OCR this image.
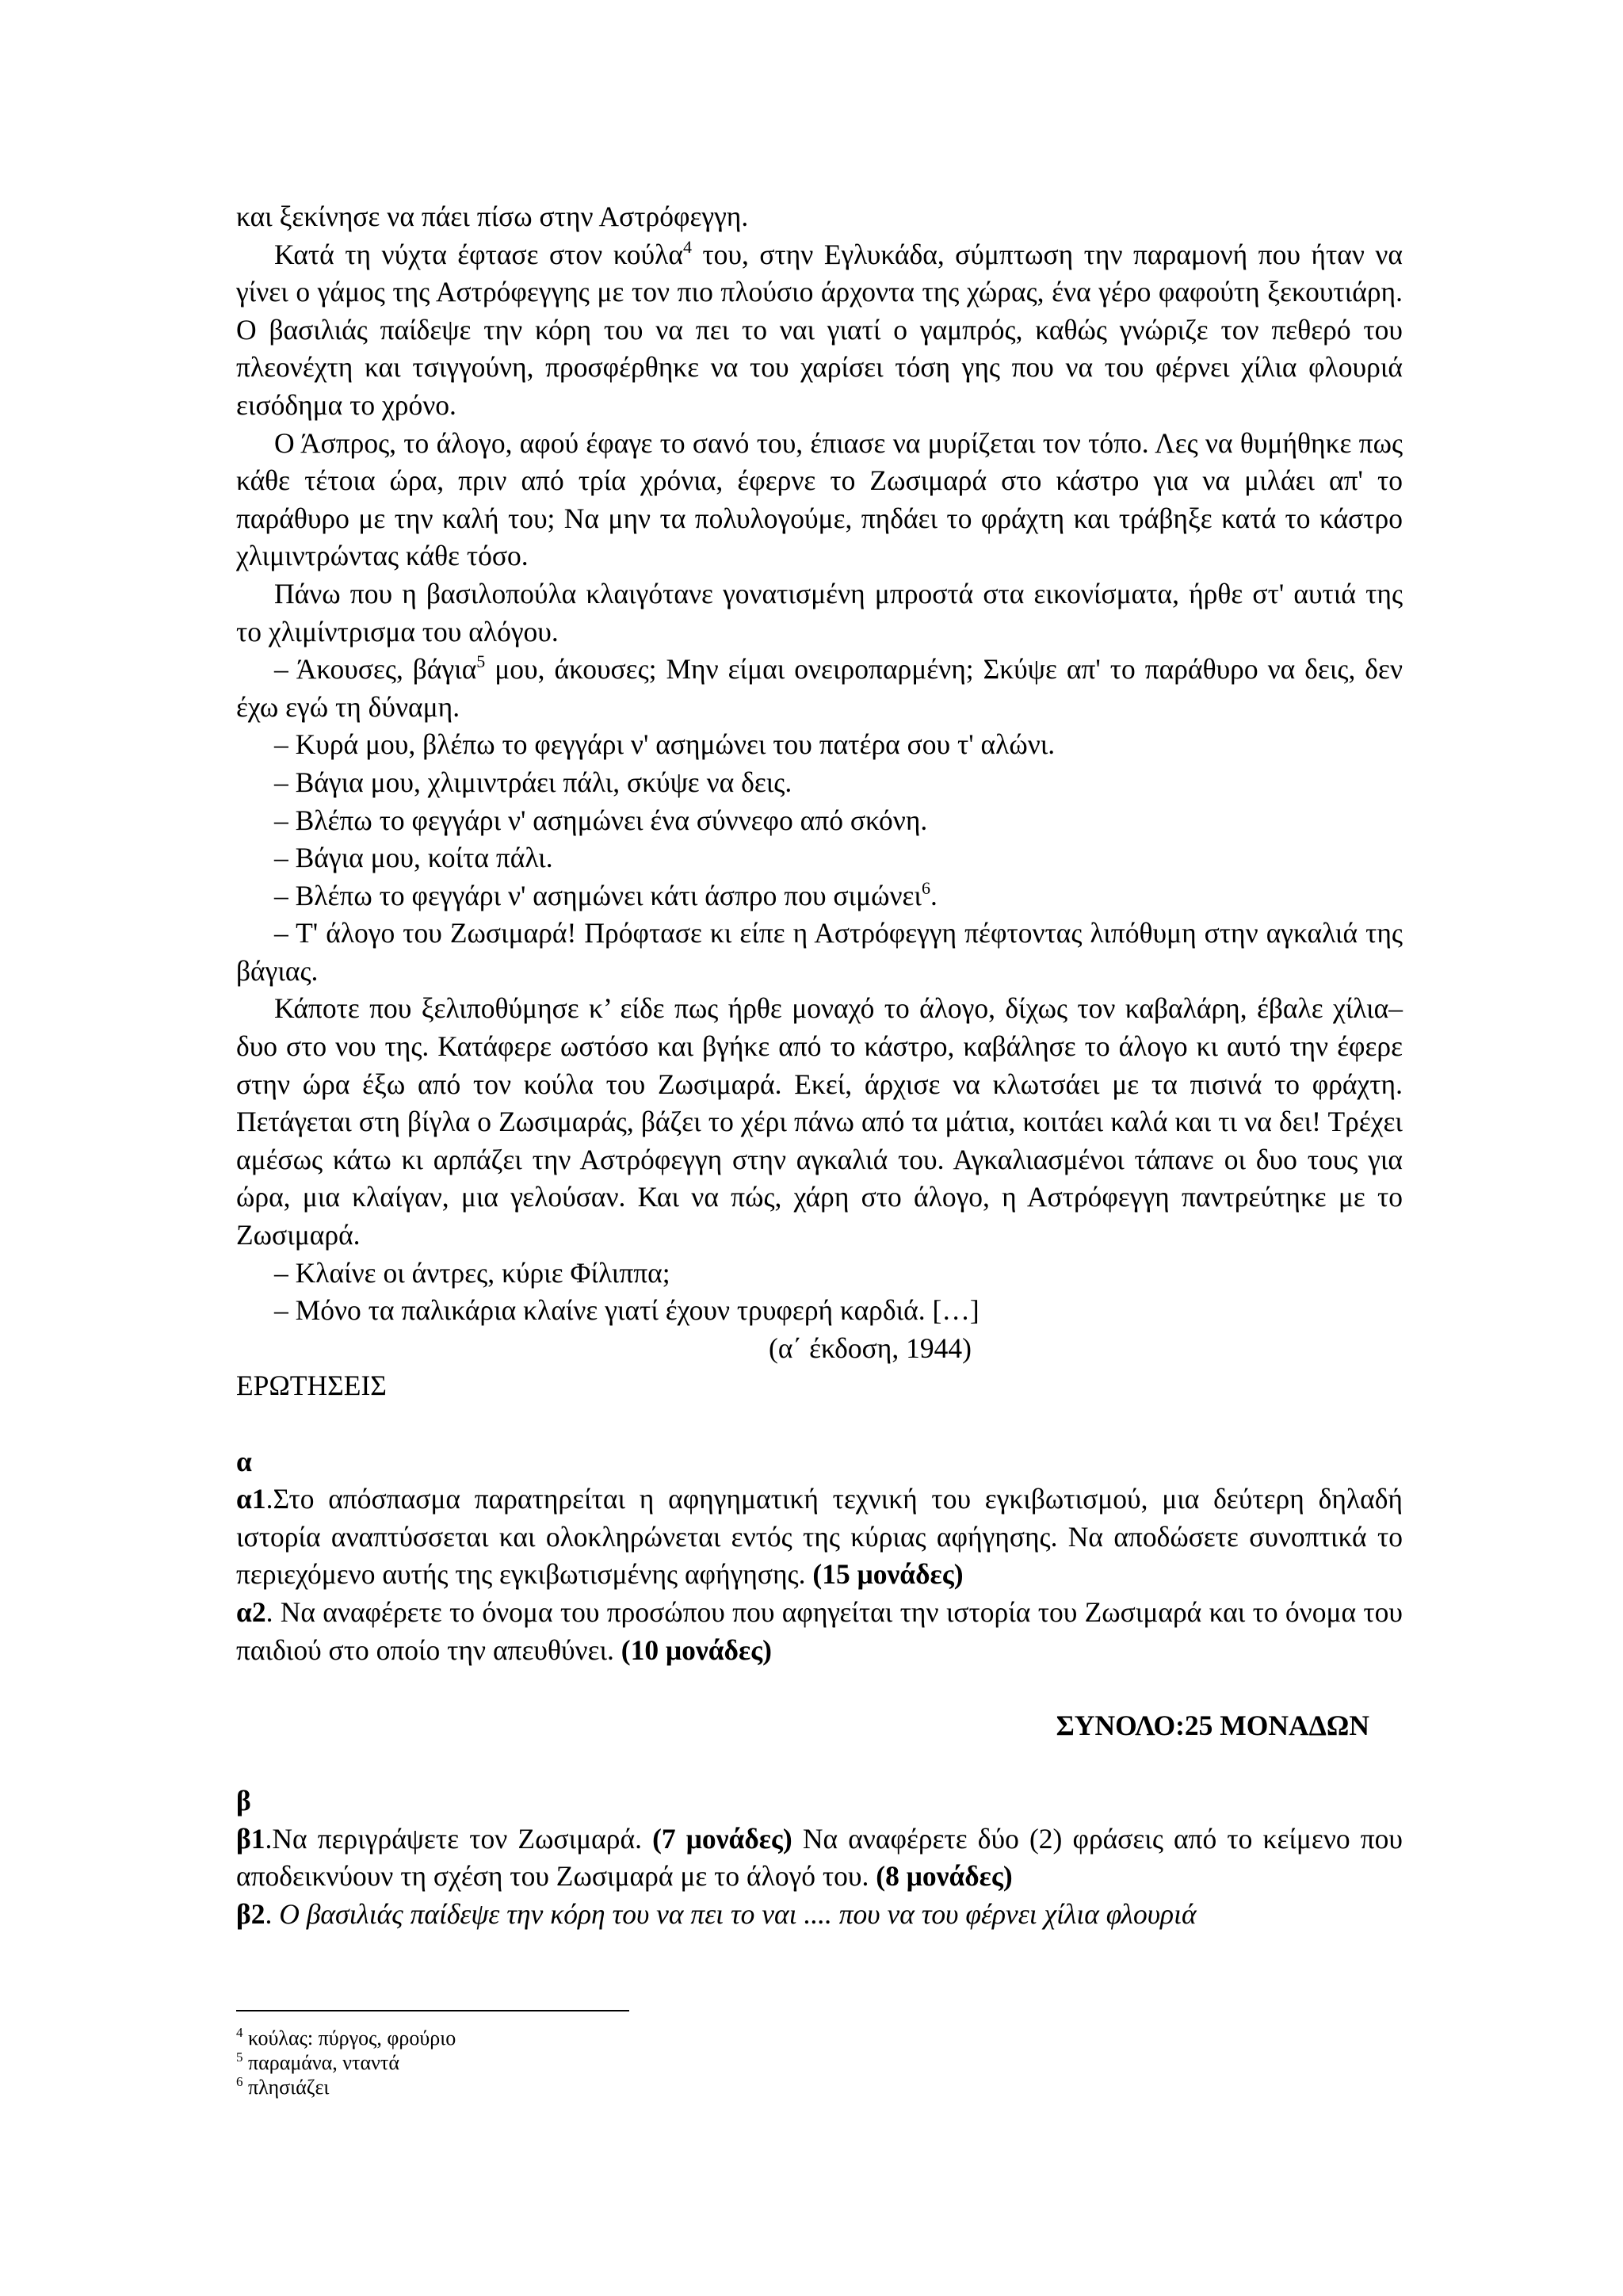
και ξεκίνησε να πάει πίσω στην Αστρόφεγγη.

Κατά τη νύχτα έφτασε στον κούλα$^4$ του, στην Εγλυκάδα, σύμπτωση την παραμονή που ήταν να γίνει ο γάμος της Αστρόφεγγης με τον πιο πλούσιο άρχοντα της χώρας, ένα γέρο φαφούτη ξεκουτιάρη. Ο βασιλιάς παίδεψε την κόρη του να πει το ναι γιατί ο γαμπρός, καθώς γνώριζε τον πεθερό του πλεονέχτη και τσιγγούνη, προσφέρθηκε να του χαρίσει τόση γης που να του φέρνει χίλια φλουριά εισόδημα το χρόνο.

Ο Άσπρος, το άλογο, αφού έφαγε το σανό του, έπιασε να μυρίζεται τον τόπο. Λες να θυμήθηκε πως κάθε τέτοια ώρα, πριν από τρία χρόνια, έφερνε το Ζωσιμαρά στο κάστρο για να μιλάει απ' το παράθυρο με την καλή του; Να μην τα πολυλογούμε, πηδάει το φράχτη και τράβηξε κατά το κάστρο χλιμιντρώντας κάθε τόσο.

Πάνω που η βασιλοπούλα κλαιγότανε γονατισμένη μπροστά στα εικονίσματα, ήρθε στ' αυτιά της το χλιμίντρισμα του αλόγου.

– Άκουσες, βάγια$^5$ μου, άκουσες; Μην είμαι ονειροπαρμένη; Σκύψε απ' το παράθυρο να δεις, δεν έχω εγώ τη δύναμη.

– Κυρά μου, βλέπω το φεγγάρι ν' ασημώνει του πατέρα σου τ' αλώνι.

– Βάγια μου, χλιμιντράει πάλι, σκύψε να δεις.

– Βλέπω το φεγγάρι ν' ασημώνει ένα σύννεφο από σκόνη.

– Βάγια μου, κοίτα πάλι.

– Βλέπω το φεγγάρι ν' ασημώνει κάτι άσπρο που σιμώνει$^6$.

– Τ' άλογο του Ζωσιμαρά! Πρόφτασε κι είπε η Αστρόφεγγη πέφτοντας λιπόθυμη στην αγκαλιά της βάγιας.

Κάποτε που ξελιποθύμησε κ’ είδε πως ήρθε μοναχό το άλογο, δίχως τον καβαλάρη, έβαλε χίλια–δυο στο νου της. Κατάφερε ωστόσο και βγήκε από το κάστρο, καβάλησε το άλογο κι αυτό την έφερε στην ώρα έξω από τον κούλα του Ζωσιμαρά. Εκεί, άρχισε να κλωτσάει με τα πισινά το φράχτη. Πετάγεται στη βίγλα ο Ζωσιμαράς, βάζει το χέρι πάνω από τα μάτια, κοιτάει καλά και τι να δει! Τρέχει αμέσως κάτω κι αρπάζει την Αστρόφεγγη στην αγκαλιά του. Αγκαλιασμένοι τάπανε οι δυο τους για ώρα, μια κλαίγαν, μια γελούσαν. Και να πώς, χάρη στο άλογο, η Αστρόφεγγη παντρεύτηκε με το Ζωσιμαρά.

– Κλαίνε οι άντρες, κύριε Φίλιππα;

– Μόνο τα παλικάρια κλαίνε γιατί έχουν τρυφερή καρδιά. […]

(α΄ έκδοση, 1944)

ΕΡΩΤΗΣΕΙΣ

α

α1.Στο απόσπασμα παρατηρείται η αφηγηματική τεχνική του εγκιβωτισμού, μια δεύτερη δηλαδή ιστορία αναπτύσσεται και ολοκληρώνεται εντός της κύριας αφήγησης. Να αποδώσετε συνοπτικά το περιεχόμενο αυτής της εγκιβωτισμένης αφήγησης. (15 μονάδες)

α2. Να αναφέρετε το όνομα του προσώπου που αφηγείται την ιστορία του Ζωσιμαρά και το όνομα του παιδιού στο οποίο την απευθύνει. (10 μονάδες)

ΣΥΝΟΛΟ:25 ΜΟΝΑΔΩΝ

β

β1.Να περιγράψετε τον Ζωσιμαρά. (7 μονάδες) Να αναφέρετε δύο (2) φράσεις από το κείμενο που αποδεικνύουν τη σχέση του Ζωσιμαρά με το άλογό του. (8 μονάδες)

β2. Ο βασιλιάς παίδεψε την κόρη του να πει το ναι .... που να του φέρνει χίλια φλουριά

$^4$ κούλας: πύργος, φρούριο

$^5$ παραμάνα, νταντά

$^6$ πλησιάζει
